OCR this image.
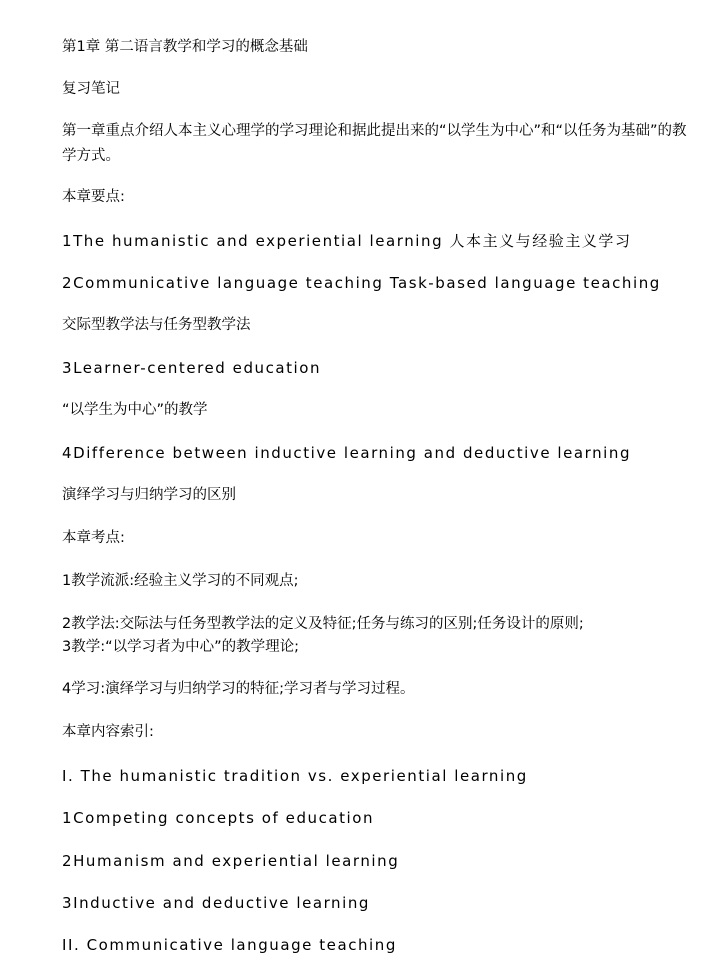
第1章 第二语言教学和学习的概念基础
复习笔记
第一章重点介绍人本主义心理学的学习理论和据此提出来的“以学生为中心”和“以任务为基础”的教学方式。
本章要点:
1The humanistic and experiential learning 人本主义与经验主义学习
2Communicative language teaching Task-based language teaching
交际型教学法与任务型教学法
3Learner-centered education
“以学生为中心”的教学
4Difference between inductive learning and deductive learning
演绎学习与归纳学习的区别
本章考点:
1教学流派:经验主义学习的不同观点;
2教学法:交际法与任务型教学法的定义及特征;任务与练习的区别;任务设计的原则;
3教学:“以学习者为中心”的教学理论;
4学习:演绎学习与归纳学习的特征;学习者与学习过程。
本章内容索引:
I. The humanistic tradition vs. experiential learning
1Competing concepts of education
2Humanism and experiential learning
3Inductive and deductive learning
II. Communicative language teaching
